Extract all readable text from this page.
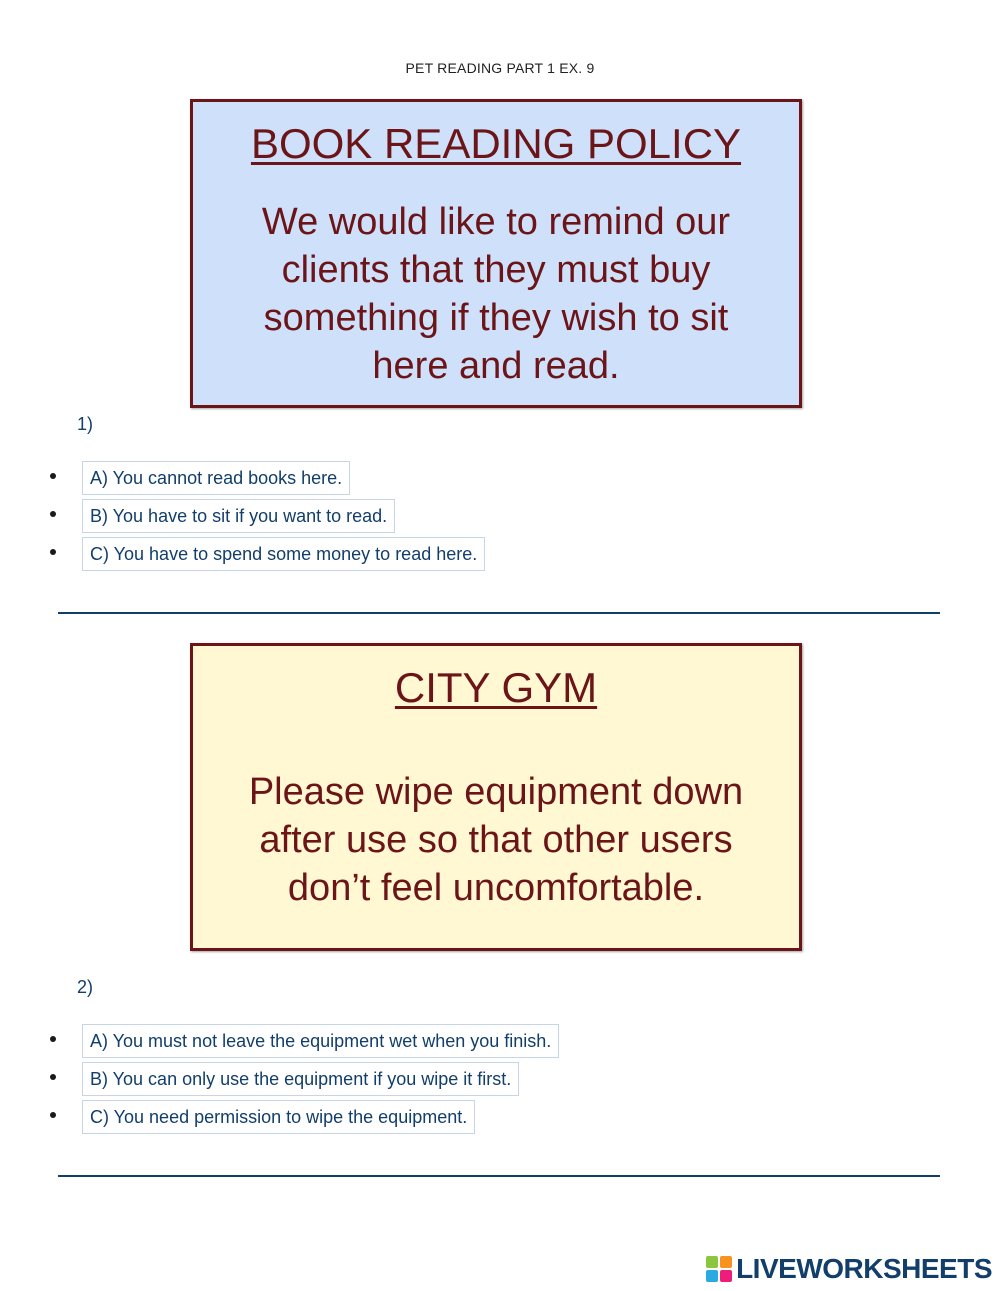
PET READING PART 1 EX. 9
BOOK READING POLICY
We would like to remind our clients that they must buy something if they wish to sit here and read.
1)
A) You cannot read books here.
B) You have to sit if you want to read.
C) You have to spend some money to read here.
CITY GYM
Please wipe equipment down after use so that other users don’t feel uncomfortable.
2)
A) You must not leave the equipment wet when you finish.
B) You can only use the equipment if you wipe it first.
C) You need permission to wipe the equipment.
LIVEWORKSHEETS
